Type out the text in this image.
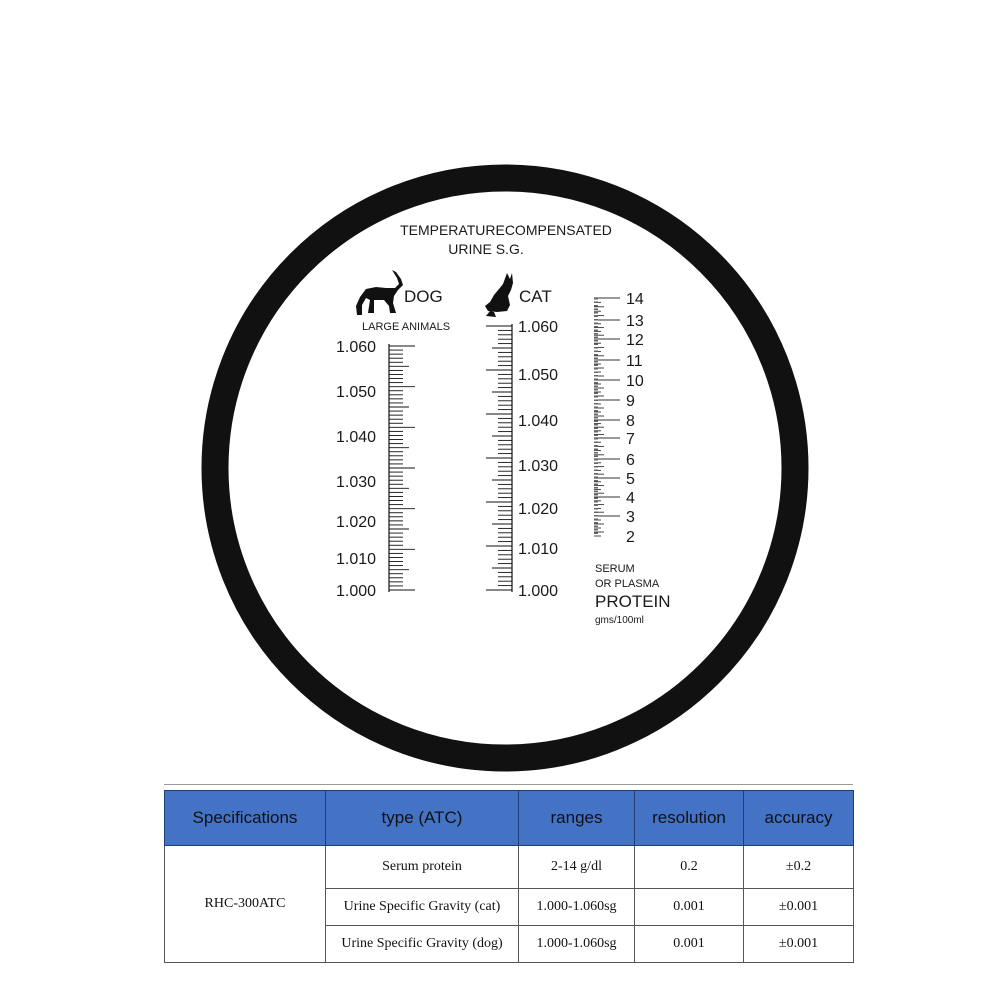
TEMPERATURECOMPENSATED
URINE S.G.
DOG
LARGE ANIMALS
CAT
1.060
1.050
1.040
1.030
1.020
1.010
1.000
1.060
1.050
1.040
1.030
1.020
1.010
1.000
14
13
12
11
10
9
8
7
6
5
4
3
2
SERUM
OR PLASMA
PROTEIN
gms/100ml
Specifications	type (ATC)	ranges	resolution	accuracy
RHC-300ATC	Serum protein	2-14 g/dl	0.2	±0.2
	Urine Specific Gravity (cat)	1.000-1.060sg	0.001	±0.001
	Urine Specific Gravity (dog)	1.000-1.060sg	0.001	±0.001
